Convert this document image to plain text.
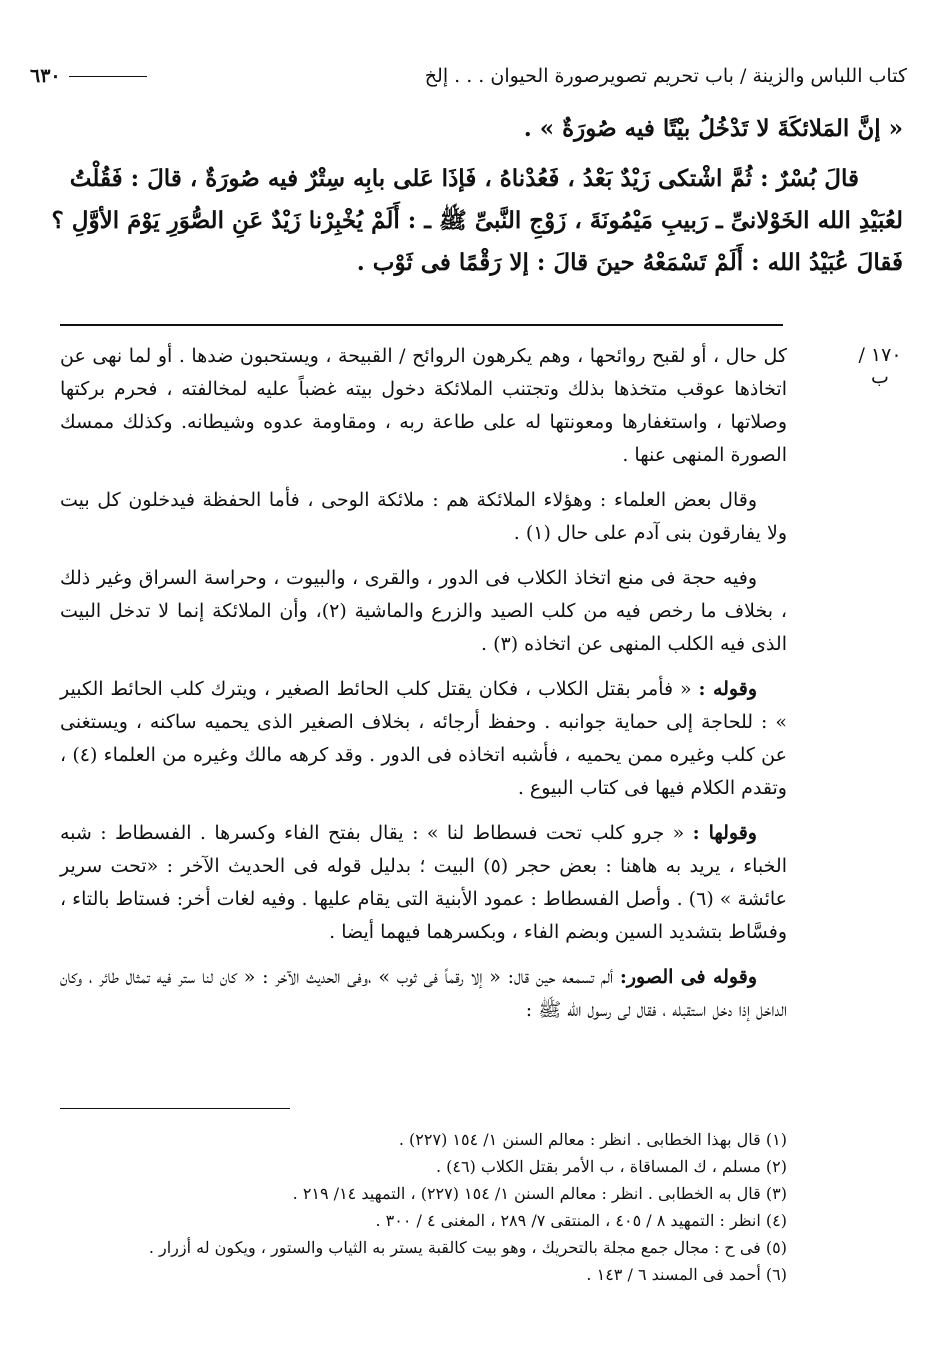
كتاب اللباس والزينة / باب تحريم تصويرصورة الحيوان . . . إلخ
٦٣٠

« إنَّ المَلائكَةَ لا تَدْخُلُ بيْتًا فيه صُورَةٌ » .

قالَ بُسْرٌ : ثُمَّ اشْتكى زَيْدٌ بَعْدُ ، فَعُدْناهُ ، فَإذَا عَلى بابِه سِتْرٌ فيه صُورَةٌ ، قالَ : فَقُلْتُ لعُبَيْدِ الله الخَوْلانىِّ ـ رَبيبِ مَيْمُونَةَ ، زَوْجِ النَّبىِّ ﷺ ـ : أَلَمْ يُخْبِرْنا زَيْدٌ عَنِ الصُّوَرِ يَوْمَ الأوَّلِ ؟ فَقالَ عُبَيْدُ الله : أَلَمْ تَسْمَعْهُ حينَ قالَ : إلا رَقْمًا فى ثَوْب .

١٧٠ / ب

كل حال ، أو لقبح روائحها ، وهم يكرهون الروائح / القبيحة ، ويستحبون ضدها . أو لما نهى عن اتخاذها عوقب متخذها بذلك وتجتنب الملائكة دخول بيته غضباً عليه لمخالفته ، فحرم بركتها وصلاتها ، واستغفارها ومعونتها له على طاعة ربه ، ومقاومة عدوه وشيطانه. وكذلك ممسك الصورة المنهى عنها .

وقال بعض العلماء : وهؤلاء الملائكة هم : ملائكة الوحى ، فأما الحفظة فيدخلون كل بيت ولا يفارقون بنى آدم على حال (١) .

وفيه حجة فى منع اتخاذ الكلاب فى الدور ، والقرى ، والبيوت ، وحراسة السراق وغير ذلك ، بخلاف ما رخص فيه من كلب الصيد والزرع والماشية (٢)، وأن الملائكة إنما لا تدخل البيت الذى فيه الكلب المنهى عن اتخاذه (٣) .

وقوله : « فأمر بقتل الكلاب ، فكان يقتل كلب الحائط الصغير ، ويترك كلب الحائط الكبير » : للحاجة إلى حماية جوانبه . وحفظ أرجائه ، بخلاف الصغير الذى يحميه ساكنه ، ويستغنى عن كلب وغيره ممن يحميه ، فأشبه اتخاذه فى الدور . وقد كرهه مالك وغيره من العلماء (٤) ، وتقدم الكلام فيها فى كتاب البيوع .

وقولها : « جرو كلب تحت فسطاط لنا » : يقال بفتح الفاء وكسرها . الفسطاط : شبه الخباء ، يريد به هاهنا : بعض حجر (٥) البيت ؛ بدليل قوله فى الحديث الآخر : «تحت سرير عائشة » (٦) . وأصل الفسطاط : عمود الأبنية التى يقام عليها . وفيه لغات أخر: فستاط بالتاء ، وفسَّاط بتشديد السين وبضم الفاء ، وبكسرهما فيهما أيضا .

وقوله فى الصور: ألم تسمعه حين قال: « إلا رقماً فى ثوب » ،وفى الحديث الآخر : « كان لنا ستر فيه تمثال طائر ، وكان الداخل إذا دخل استقبله ، فقال لى رسول الله ﷺ :

(١) قال بهذا الخطابى . انظر : معالم السنن ١/ ١٥٤ (٢٢٧) .
(٢) مسلم ، ك المساقاة ، ب الأمر بقتل الكلاب (٤٦) .
(٣) قال به الخطابى . انظر : معالم السنن ١/ ١٥٤ (٢٢٧) ، التمهيد ١٤/ ٢١٩ .
(٤) انظر : التمهيد ٨ / ٤٠٥ ، المنتقى ٧/ ٢٨٩ ، المغنى ٤ / ٣٠٠ .
(٥) فى ح : مجال جمع مجلة بالتحريك ، وهو بيت كالقبة يستر به الثياب والستور ، ويكون له أزرار .
(٦) أحمد فى المسند ٦ / ١٤٣ .
